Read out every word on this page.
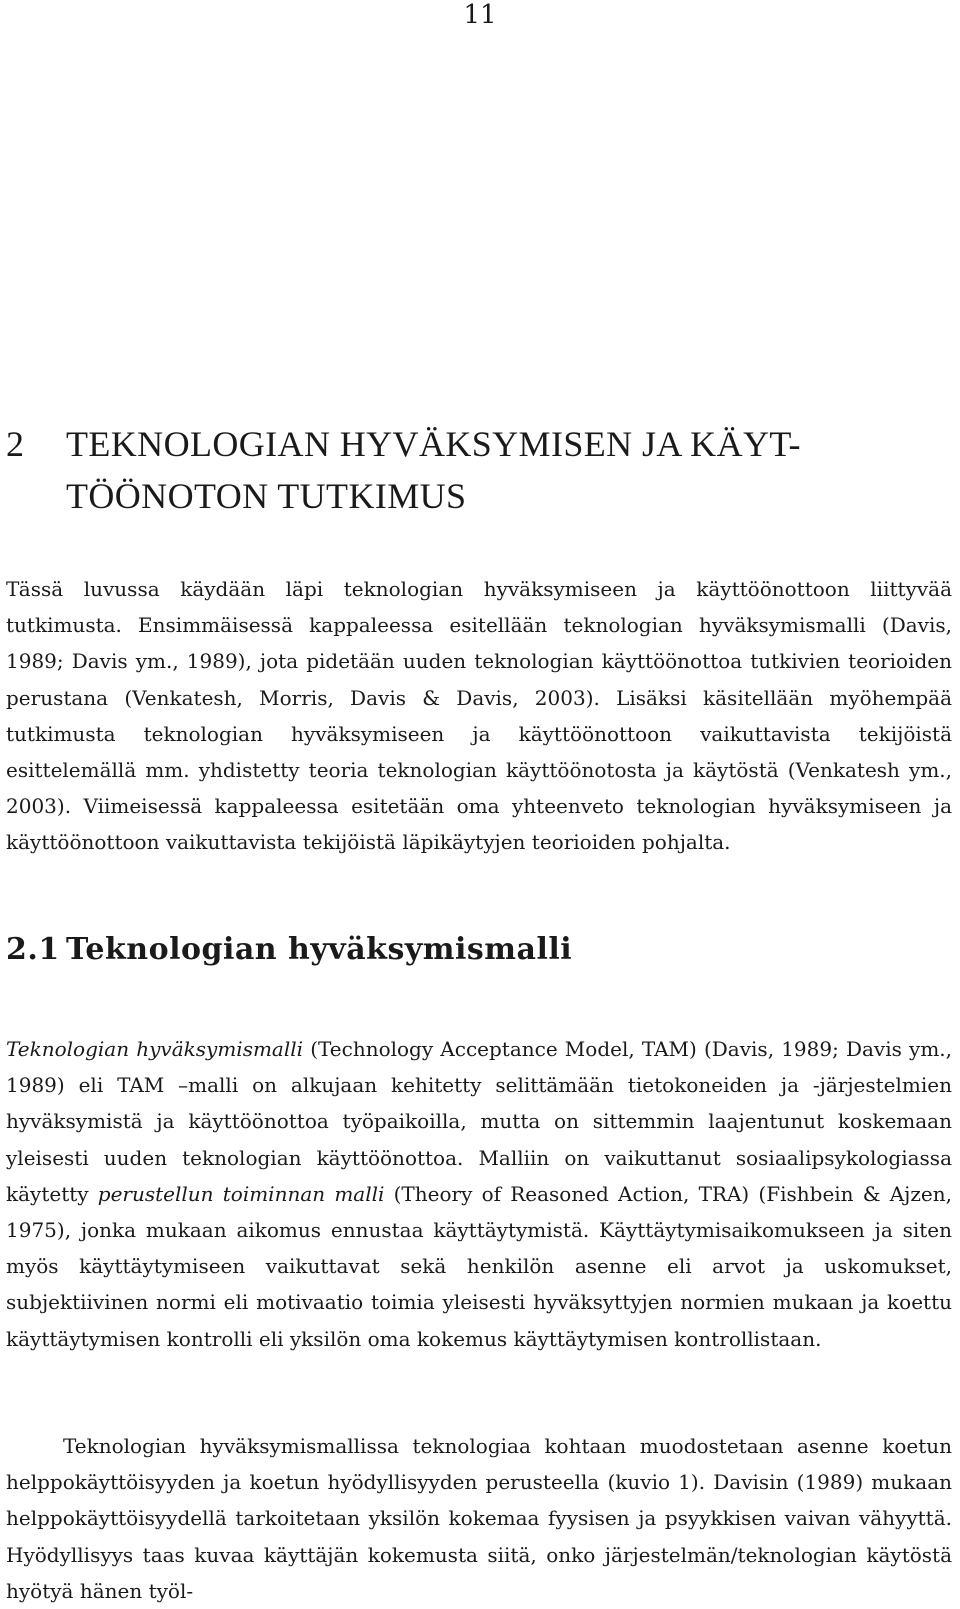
11
2 TEKNOLOGIAN HYVÄKSYMISEN JA KÄYT-TÖÖNOTON TUTKIMUS

Tässä luvussa käydään läpi teknologian hyväksymiseen ja käyttöönottoon liittyvää tutkimusta. Ensimmäisessä kappaleessa esitellään teknologian hyväksymismalli (Davis, 1989; Davis ym., 1989), jota pidetään uuden teknologian käyttöönottoa tutkivien teorioiden perustana (Venkatesh, Morris, Davis & Davis, 2003). Lisäksi käsitellään myöhempää tutkimusta teknologian hyväksymiseen ja käyttöönottoon vaikuttavista tekijöistä esittelemällä mm. yhdistetty teoria teknologian käyttöönotosta ja käytöstä (Venkatesh ym., 2003). Viimeisessä kappaleessa esitetään oma yhteenveto teknologian hyväksymiseen ja käyttöönottoon vaikuttavista tekijöistä läpikäytyjen teorioiden pohjalta.

2.1 Teknologian hyväksymismalli

Teknologian hyväksymismalli (Technology Acceptance Model, TAM) (Davis, 1989; Davis ym., 1989) eli TAM –malli on alkujaan kehitetty selittämään tietokoneiden ja -järjestelmien hyväksymistä ja käyttöönottoa työpaikoilla, mutta on sittemmin laajentunut koskemaan yleisesti uuden teknologian käyttöönottoa. Malliin on vaikuttanut sosiaalipsykologiassa käytetty perustellun toiminnan malli (Theory of Reasoned Action, TRA) (Fishbein & Ajzen, 1975), jonka mukaan aikomus ennustaa käyttäytymistä. Käyttäytymisaikomukseen ja siten myös käyttäytymiseen vaikuttavat sekä henkilön asenne eli arvot ja uskomukset, subjektiivinen normi eli motivaatio toimia yleisesti hyväksyttyjen normien mukaan ja koettu käyttäytymisen kontrolli eli yksilön oma kokemus käyttäytymisen kontrollistaan.

Teknologian hyväksymismallissa teknologiaa kohtaan muodostetaan asenne koetun helppokäyttöisyyden ja koetun hyödyllisyyden perusteella (kuvio 1). Davisin (1989) mukaan helppokäyttöisyydellä tarkoitetaan yksilön kokemaa fyysisen ja psyykkisen vaivan vähyyttä. Hyödyllisyys taas kuvaa käyttäjän kokemusta siitä, onko järjestelmän/teknologian käytöstä hyötyä hänen työl-
